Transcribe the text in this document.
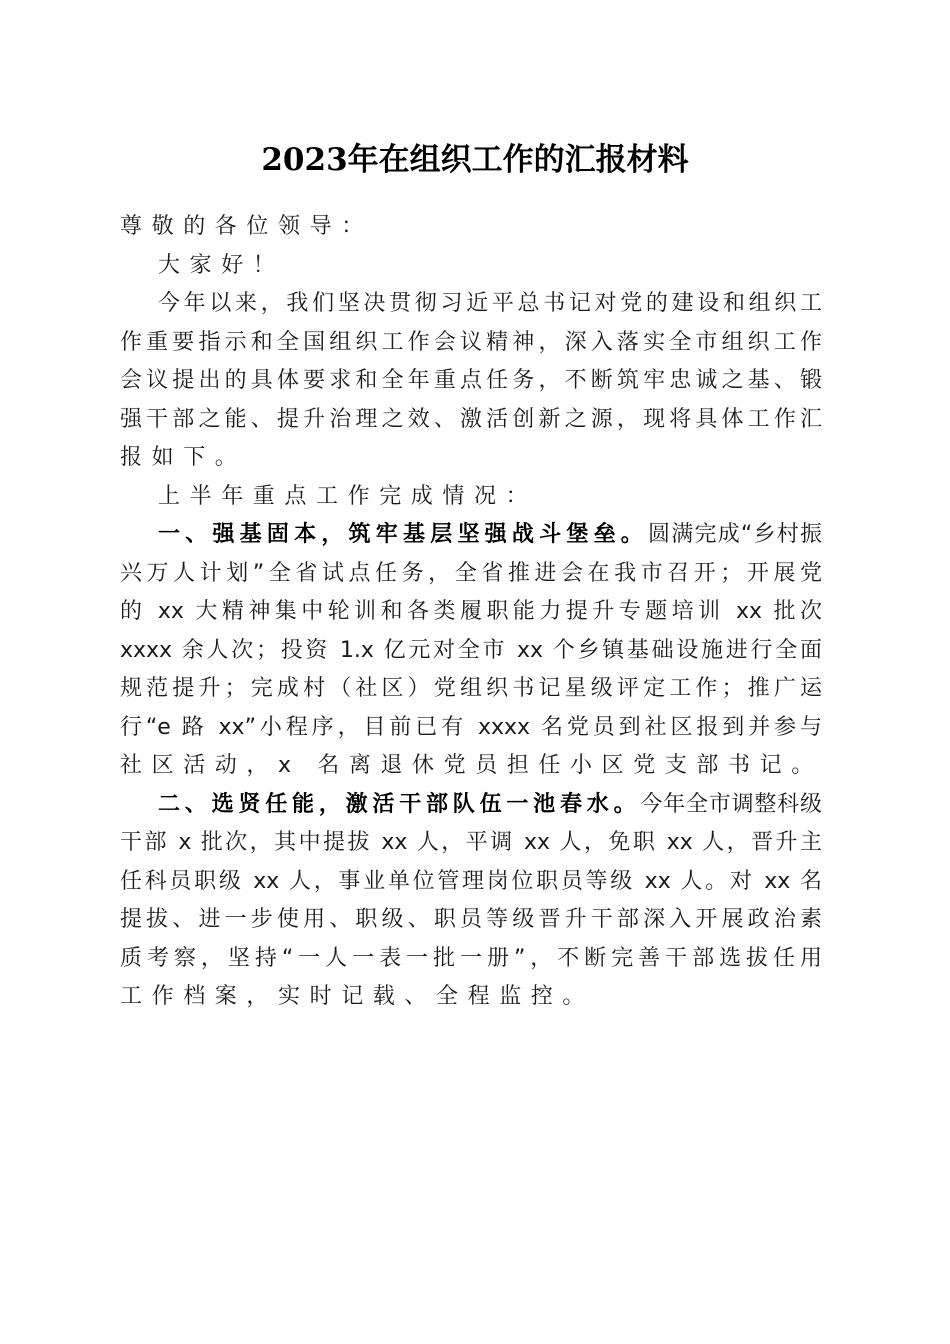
2023年在组织工作的汇报材料
尊敬的各位领导：
大家好！
今年以来，我们坚决贯彻习近平总书记对党的建设和组织工
作重要指示和全国组织工作会议精神，深入落实全市组织工作
会议提出的具体要求和全年重点任务，不断筑牢忠诚之基、锻
强干部之能、提升治理之效、激活创新之源，现将具体工作汇
报如下。
上半年重点工作完成情况：
一、强基固本，筑牢基层坚强战斗堡垒。圆满完成“乡村振
兴万人计划”全省试点任务，全省推进会在我市召开；开展党
的 xx 大精神集中轮训和各类履职能力提升专题培训 xx 批次
xxxx 余人次；投资 1.x 亿元对全市 xx 个乡镇基础设施进行全面
规范提升；完成村（社区）党组织书记星级评定工作；推广运
行“e 路 xx”小程序，目前已有 xxxx 名党员到社区报到并参与
社区活动，x 名离退休党员担任小区党支部书记。
二、选贤任能，激活干部队伍一池春水。今年全市调整科级
干部 x 批次，其中提拔 xx 人，平调 xx 人，免职 xx 人，晋升主
任科员职级 xx 人，事业单位管理岗位职员等级 xx 人。对 xx 名
提拔、进一步使用、职级、职员等级晋升干部深入开展政治素
质考察，坚持“一人一表一批一册”，不断完善干部选拔任用
工作档案，实时记载、全程监控。
